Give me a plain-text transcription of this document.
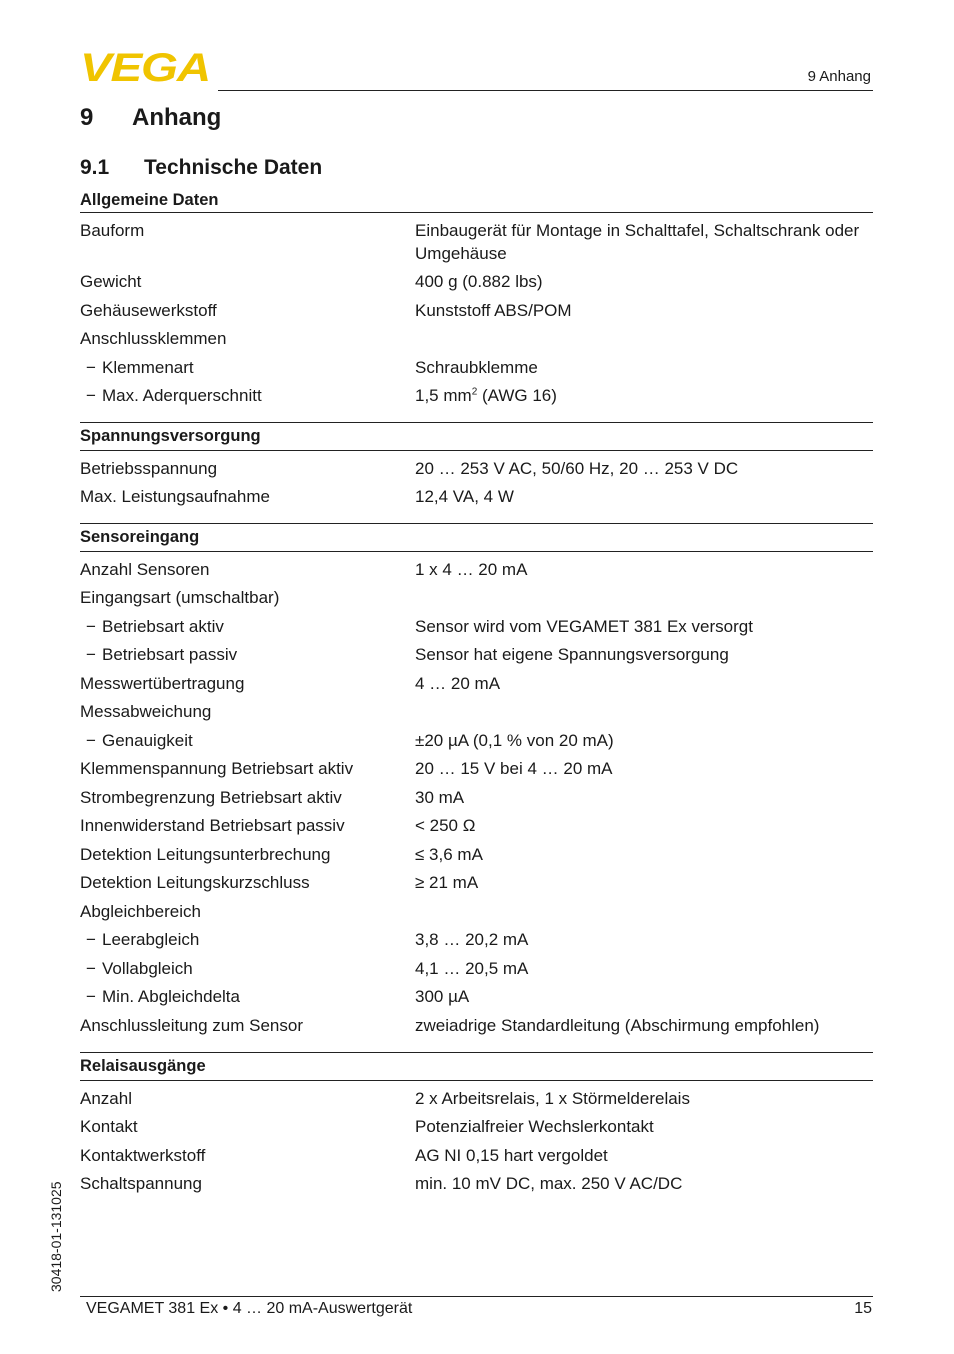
VEGA	9 Anhang
9 Anhang
9.1 Technische Daten
Allgemeine Daten
Bauform	Einbaugerät für Montage in Schalttafel, Schaltschrank oder Umgehäuse
Gewicht	400 g (0.882 lbs)
Gehäusewerkstoff	Kunststoff ABS/POM
Anschlussklemmen
− Klemmenart	Schraubklemme
− Max. Aderquerschnitt	1,5 $mm^2$ (AWG 16)
Spannungsversorgung
Betriebsspannung	20 … 253 V AC, 50/60 Hz, 20 … 253 V DC
Max. Leistungsaufnahme	12,4 VA, 4 W
Sensoreingang
Anzahl Sensoren	1 x 4 … 20 mA
Eingangsart (umschaltbar)
− Betriebsart aktiv	Sensor wird vom VEGAMET 381 Ex versorgt
− Betriebsart passiv	Sensor hat eigene Spannungsversorgung
Messwertübertragung	4 … 20 mA
Messabweichung
− Genauigkeit	±20 µA (0,1 % von 20 mA)
Klemmenspannung Betriebsart aktiv	20 … 15 V bei 4 … 20 mA
Strombegrenzung Betriebsart aktiv	30 mA
Innenwiderstand Betriebsart passiv	< 250 Ω
Detektion Leitungsunterbrechung	≤ 3,6 mA
Detektion Leitungskurzschluss	≥ 21 mA
Abgleichbereich
− Leerabgleich	3,8 … 20,2 mA
− Vollabgleich	4,1 … 20,5 mA
− Min. Abgleichdelta	300 µA
Anschlussleitung zum Sensor	zweiadrige Standardleitung (Abschirmung empfohlen)
Relaisausgänge
Anzahl	2 x Arbeitsrelais, 1 x Störmelderelais
Kontakt	Potenzialfreier Wechslerkontakt
Kontaktwerkstoff	AG NI 0,15 hart vergoldet
Schaltspannung	min. 10 mV DC, max. 250 V AC/DC
30418-01-131025
VEGAMET 381 Ex • 4 … 20 mA-Auswertgerät	15
